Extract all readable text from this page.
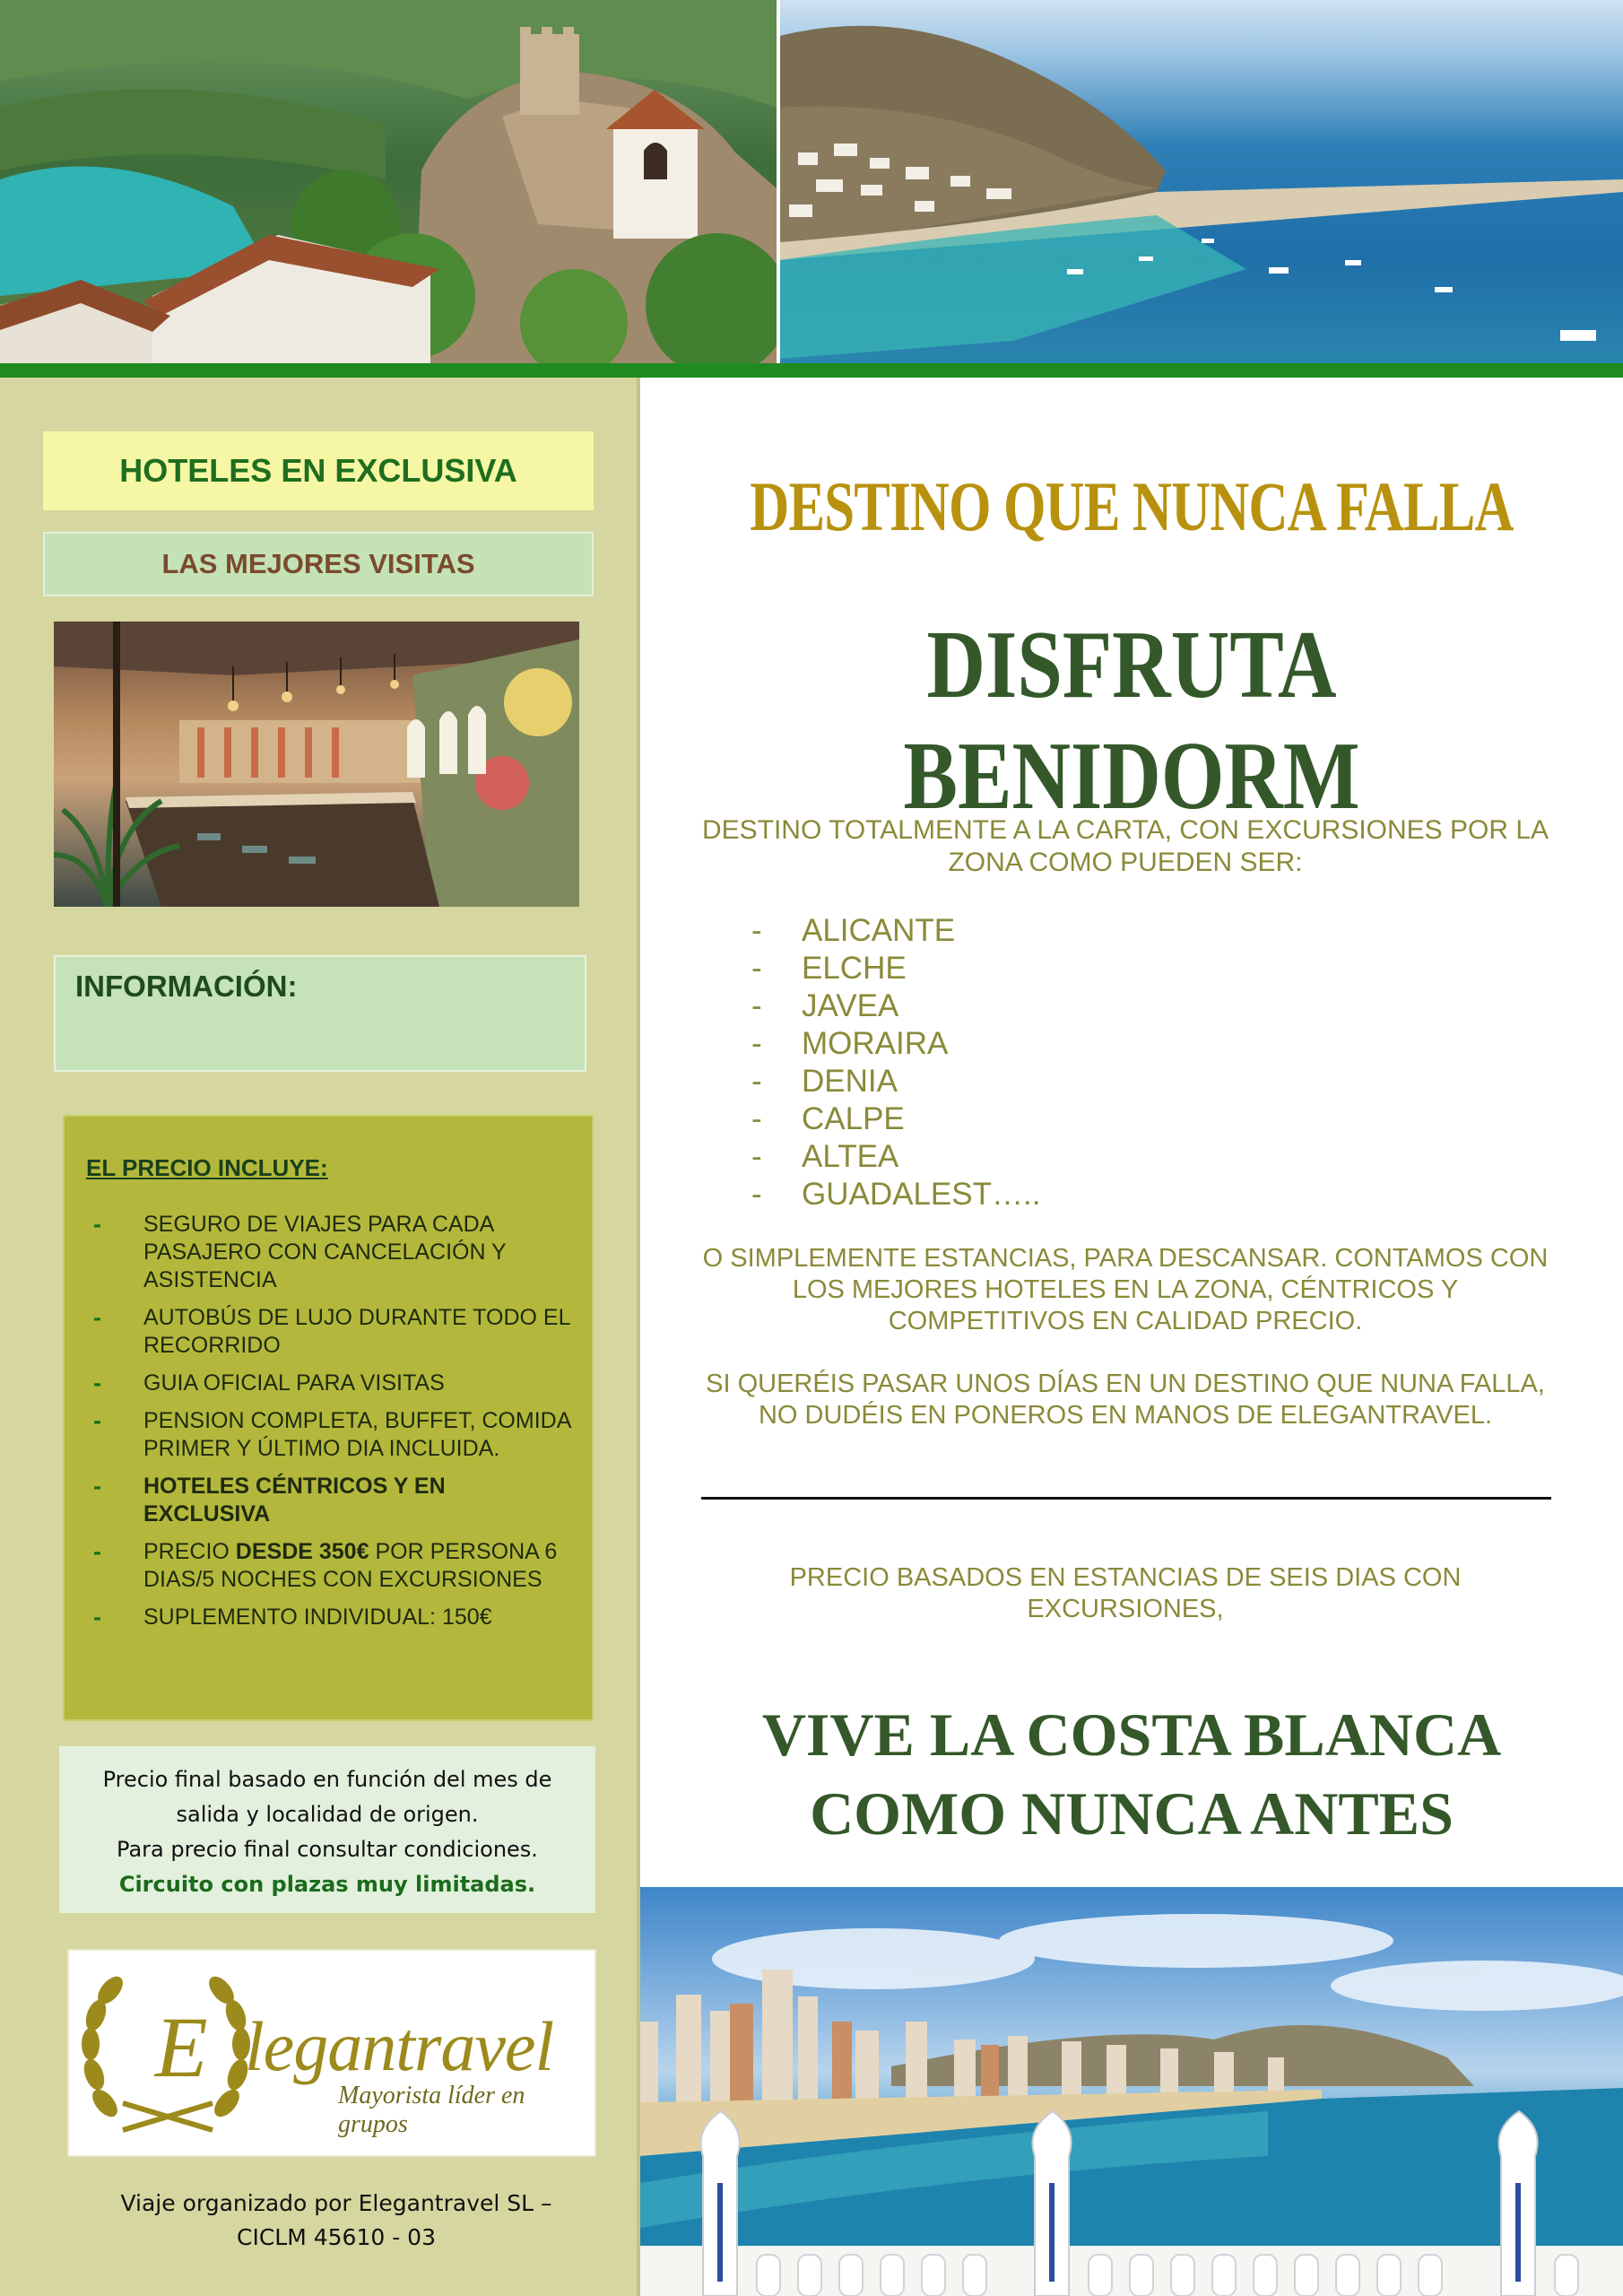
HOTELES EN EXCLUSIVA
LAS MEJORES VISITAS
INFORMACIÓN:
EL PRECIO INCLUYE:
- SEGURO DE VIAJES PARA CADA PASAJERO CON CANCELACIÓN Y ASISTENCIA
- AUTOBÚS DE LUJO DURANTE TODO EL RECORRIDO
- GUIA OFICIAL PARA VISITAS
- PENSION COMPLETA, BUFFET, COMIDA PRIMER Y ÚLTIMO DIA INCLUIDA.
- HOTELES CÉNTRICOS Y EN EXCLUSIVA
- PRECIO DESDE 350€ POR PERSONA 6 DIAS/5 NOCHES CON EXCURSIONES
- SUPLEMENTO INDIVIDUAL: 150€
Precio final basado en función del mes de
salida y localidad de origen.
Para precio final consultar condiciones.
Circuito con plazas muy limitadas.
E legantravel
Mayorista líder en grupos
Viaje organizado por Elegantravel SL –
CICLM 45610 - 03
DESTINO QUE NUNCA FALLA
DISFRUTA BENIDORM
DESTINO TOTALMENTE A LA CARTA, CON EXCURSIONES POR LA ZONA COMO PUEDEN SER:
- ALICANTE
- ELCHE
- JAVEA
- MORAIRA
- DENIA
- CALPE
- ALTEA
- GUADALEST…..
O SIMPLEMENTE ESTANCIAS, PARA DESCANSAR. CONTAMOS CON LOS MEJORES HOTELES EN LA ZONA, CÉNTRICOS Y COMPETITIVOS EN CALIDAD PRECIO.
SI QUERÉIS PASAR UNOS DÍAS EN UN DESTINO QUE NUNA FALLA, NO DUDÉIS EN PONEROS EN MANOS DE ELEGANTRAVEL.
PRECIO BASADOS EN ESTANCIAS DE SEIS DIAS CON EXCURSIONES,
VIVE LA COSTA BLANCA
COMO NUNCA ANTES
